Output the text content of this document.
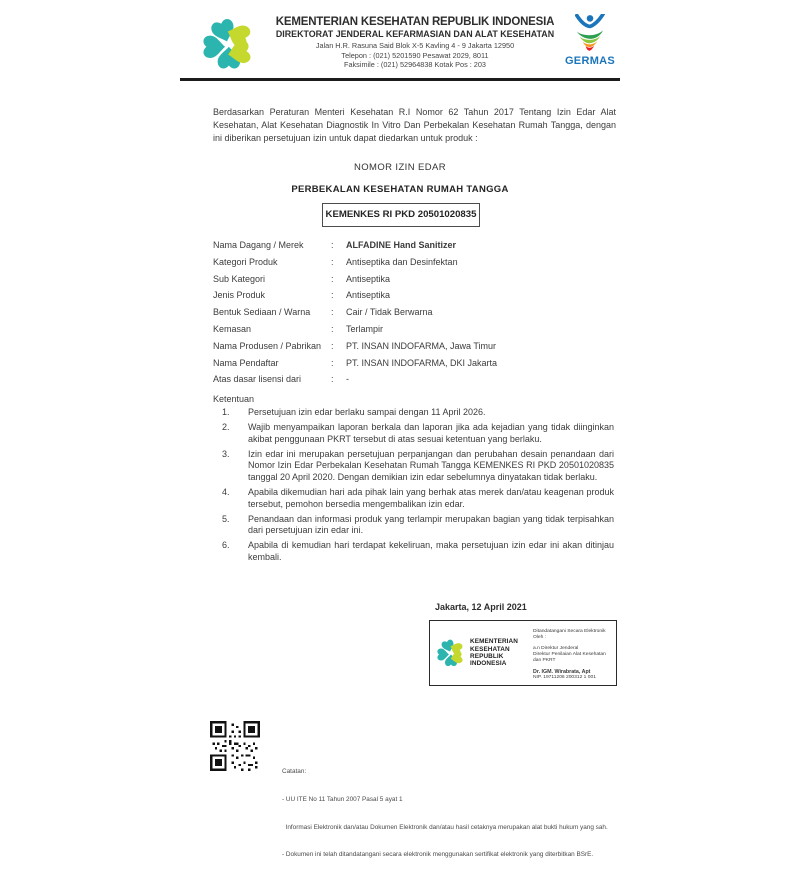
KEMENTERIAN KESEHATAN REPUBLIK INDONESIA
DIREKTORAT JENDERAL KEFARMASIAN DAN ALAT KESEHATAN
Jalan H.R. Rasuna Said Blok X-5 Kavling 4 - 9 Jakarta 12950
Telepon : (021) 5201590 Pesawat 2029, 8011
Faksimile : (021) 52964838 Kotak Pos : 203	GERMAS
Berdasarkan Peraturan Menteri Kesehatan R.I Nomor 62 Tahun 2017 Tentang Izin Edar Alat Kesehatan, Alat Kesehatan Diagnostik In Vitro Dan Perbekalan Kesehatan Rumah Tangga, dengan ini diberikan persetujuan izin untuk dapat diedarkan untuk produk :
NOMOR IZIN EDAR
PERBEKALAN KESEHATAN RUMAH TANGGA
KEMENKES RI PKD 20501020835
Nama Dagang / Merek	:	ALFADINE Hand Sanitizer
Kategori Produk	:	Antiseptika dan Desinfektan
Sub Kategori	:	Antiseptika
Jenis Produk	:	Antiseptika
Bentuk Sediaan / Warna	:	Cair / Tidak Berwarna
Kemasan	:	Terlampir
Nama Produsen / Pabrikan	:	PT. INSAN INDOFARMA, Jawa Timur
Nama Pendaftar	:	PT. INSAN INDOFARMA, DKI Jakarta
Atas dasar lisensi dari	:	-
Ketentuan
1.	Persetujuan izin edar berlaku sampai dengan 11 April 2026.
2.	Wajib menyampaikan laporan berkala dan laporan jika ada kejadian yang tidak diinginkan akibat penggunaan PKRT tersebut di atas sesuai ketentuan yang berlaku.
3.	Izin edar ini merupakan persetujuan perpanjangan dan perubahan desain penandaan dari Nomor Izin Edar Perbekalan Kesehatan Rumah Tangga KEMENKES RI PKD 20501020835 tanggal 20 April 2020. Dengan demikian izin edar sebelumnya dinyatakan tidak berlaku.
4.	Apabila dikemudian hari ada pihak lain yang berhak atas merek dan/atau keagenan produk tersebut, pemohon bersedia mengembalikan izin edar.
5.	Penandaan dan informasi produk yang terlampir merupakan bagian yang tidak terpisahkan dari persetujuan izin edar ini.
6.	Apabila di kemudian hari terdapat kekeliruan, maka persetujuan izin edar ini akan ditinjau kembali.
Jakarta, 12 April 2021
KEMENTERIAN KESEHATAN REPUBLIK INDONESIA
Ditandatangani Secara Elektronik Oleh :
a.n Direktur Jenderal
Direktur Penilaian Alat Kesehatan dan PKRT
Dr. IGM. Wirabrata, Apt
NIP. 19711206 200312 1 001

Catatan:

- UU ITE No 11 Tahun 2007 Pasal 5 ayat 1

Informasi Elektronik dan/atau Dokumen Elektronik dan/atau hasil cetaknya merupakan alat bukti hukum yang sah.

- Dokumen ini telah ditandatangani secara elektronik menggunakan sertifikat elektronik yang diterbitkan BSrE.
